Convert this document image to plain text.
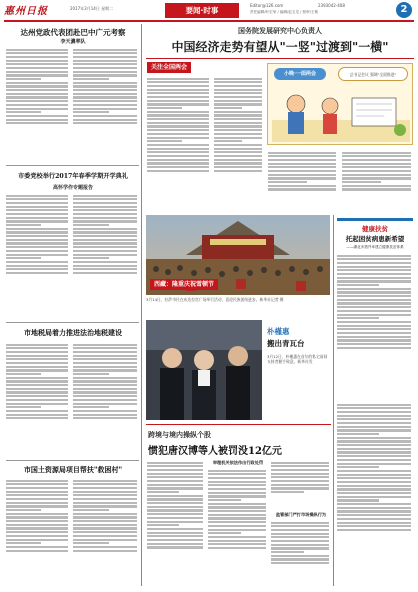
惠州日报	2017年3月14日 星期二	要闻·时事
Editor@126.com	2393042-408
责任编辑/叶宏荣 / 编辑/赵玉龙 / 校审/王敏	2
达州党政代表团赴巴中广元考察
李天濃率队
市委党校举行2017年春季学期开学典礼
高怀学作专题报告
市地税局着力推进法治地税建设
市国土资源局项目帮扶"救困村"
国务院发展研究中心负责人
中国经济走势有望从"一竖"过渡到"一横"
关注全国两会
小晚·一面两会	总书记会议 强调"全面推进"
西藏：隆重庆祝雪顿节
3月14日，拉萨市民在布达拉宫广场举行活动，喜迎民族团结进步。新华社记者 摄
健康扶贫
托起困贫病患新希望
——湖北多措并举建立健康扶贫体系
朴槿惠
搬出青瓦台
3月12日，朴槿惠在首尔的私宅前同支持者握手致意。新华社发
跨境与境内操纵个股
惯犯唐汉博等人被罚没12亿元
审理机关依法作出行政处罚
监管部门严打市场操纵行为
